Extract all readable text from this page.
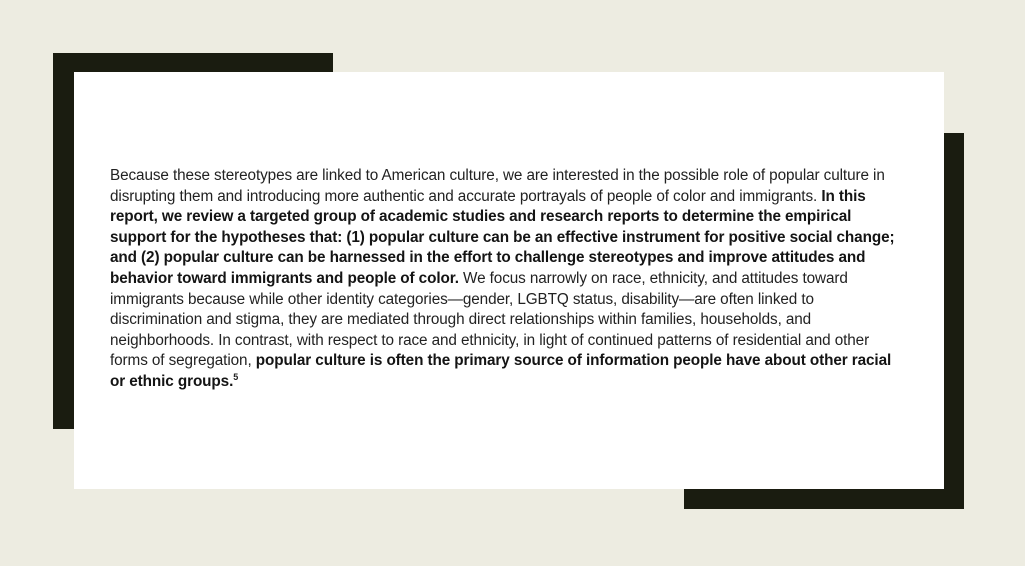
Because these stereotypes are linked to American culture, we are interested in the possible role of popular culture in disrupting them and introducing more authentic and accurate portrayals of people of color and immigrants. In this report, we review a targeted group of academic studies and research reports to determine the empirical support for the hypotheses that: (1) popular culture can be an effective instrument for positive social change; and (2) popular culture can be harnessed in the effort to challenge stereotypes and improve attitudes and behavior toward immigrants and people of color. We focus narrowly on race, ethnicity, and attitudes toward immigrants because while other identity categories—gender, LGBTQ status, disability—are often linked to discrimination and stigma, they are mediated through direct relationships within families, households, and neighborhoods. In contrast, with respect to race and ethnicity, in light of continued patterns of residential and other forms of segregation, popular culture is often the primary source of information people have about other racial or ethnic groups.$^5$
